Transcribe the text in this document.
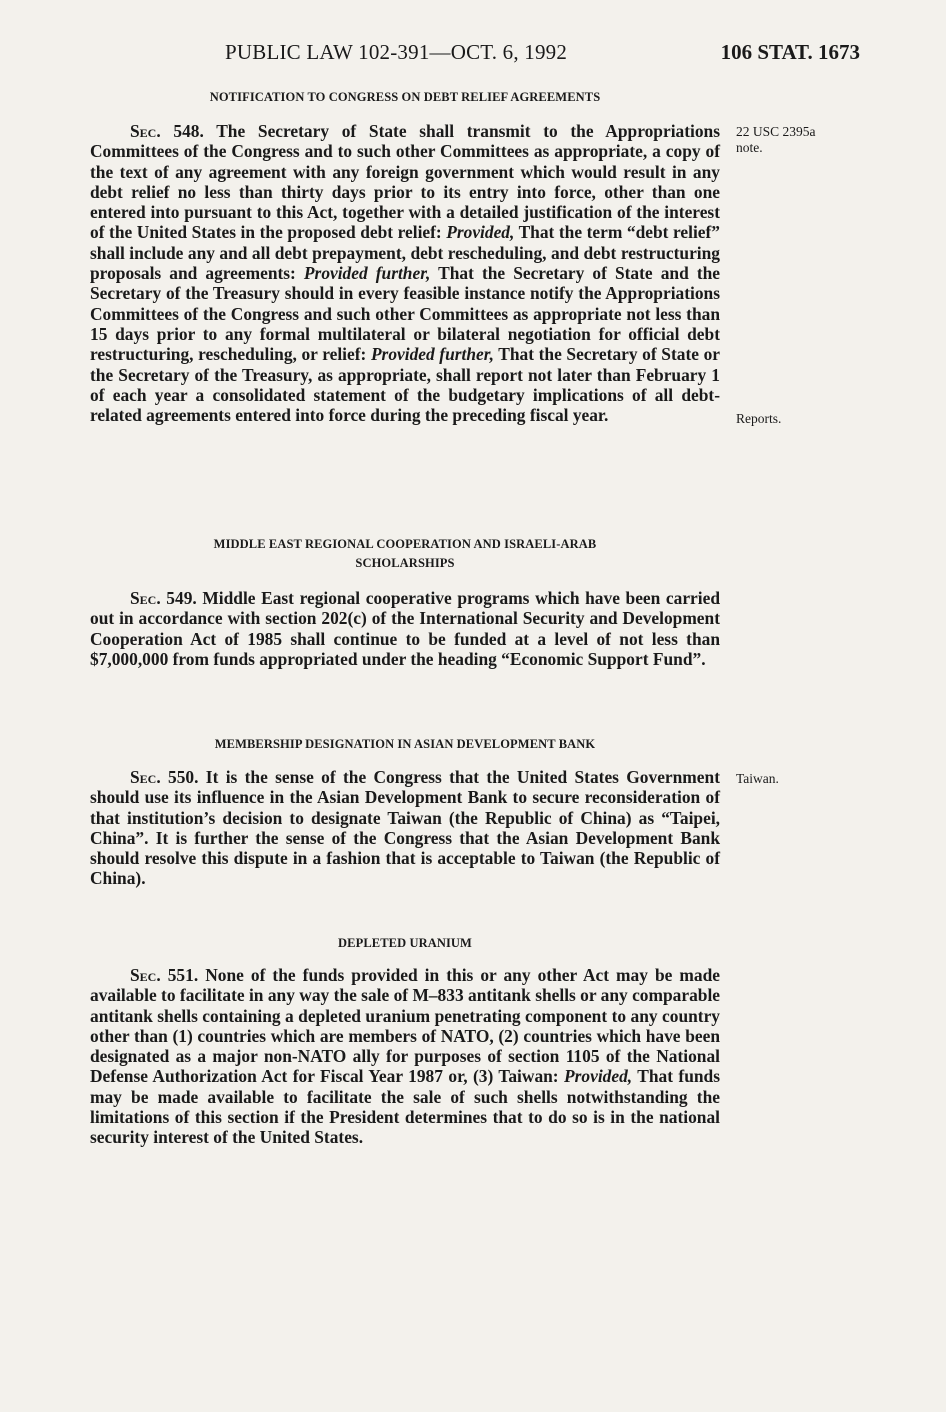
PUBLIC LAW 102-391—OCT. 6, 1992	106 STAT. 1673
NOTIFICATION TO CONGRESS ON DEBT RELIEF AGREEMENTS

Sec. 548. The Secretary of State shall transmit to the Appropriations Committees of the Congress and to such other Committees as appropriate, a copy of the text of any agreement with any foreign government which would result in any debt relief no less than thirty days prior to its entry into force, other than one entered into pursuant to this Act, together with a detailed justification of the interest of the United States in the proposed debt relief: Provided, That the term “debt relief” shall include any and all debt prepayment, debt rescheduling, and debt restructuring proposals and agreements: Provided further, That the Secretary of State and the Secretary of the Treasury should in every feasible instance notify the Appropriations Committees of the Congress and such other Committees as appropriate not less than 15 days prior to any formal multilateral or bilateral negotiation for official debt restructuring, rescheduling, or relief: Provided further, That the Secretary of State or the Secretary of the Treasury, as appropriate, shall report not later than February 1 of each year a consolidated statement of the budgetary implications of all debt-related agreements entered into force during the preceding fiscal year.

MIDDLE EAST REGIONAL COOPERATION AND ISRAELI-ARAB
SCHOLARSHIPS

Sec. 549. Middle East regional cooperative programs which have been carried out in accordance with section 202(c) of the International Security and Development Cooperation Act of 1985 shall continue to be funded at a level of not less than $7,000,000 from funds appropriated under the heading “Economic Support Fund”.

MEMBERSHIP DESIGNATION IN ASIAN DEVELOPMENT BANK

Sec. 550. It is the sense of the Congress that the United States Government should use its influence in the Asian Development Bank to secure reconsideration of that institution’s decision to designate Taiwan (the Republic of China) as “Taipei, China”. It is further the sense of the Congress that the Asian Development Bank should resolve this dispute in a fashion that is acceptable to Taiwan (the Republic of China).

DEPLETED URANIUM

Sec. 551. None of the funds provided in this or any other Act may be made available to facilitate in any way the sale of M–833 antitank shells or any comparable antitank shells containing a depleted uranium penetrating component to any country other than (1) countries which are members of NATO, (2) countries which have been designated as a major non-NATO ally for purposes of section 1105 of the National Defense Authorization Act for Fiscal Year 1987 or, (3) Taiwan: Provided, That funds may be made available to facilitate the sale of such shells notwithstanding the limitations of this section if the President determines that to do so is in the national security interest of the United States.

22 USC 2395a
note.
Reports.
Taiwan.
